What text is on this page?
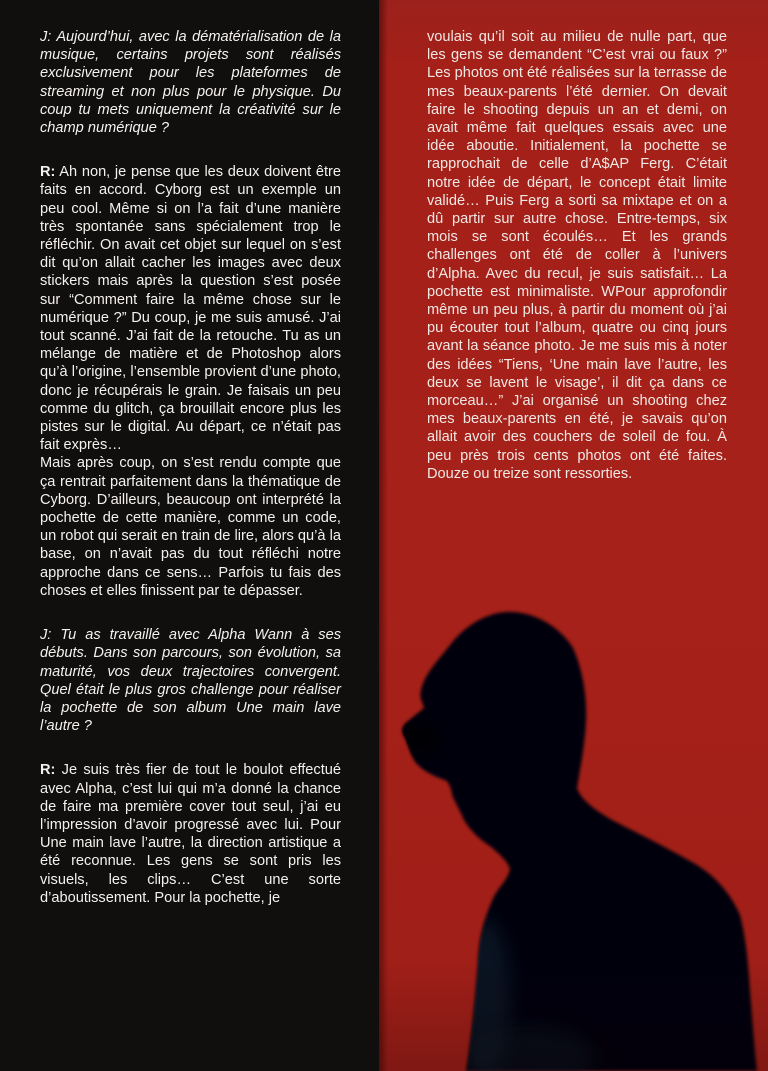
J: Aujourd’hui, avec la dématérialisation de la musique, certains projets sont réalisés exclusivement pour les plateformes de streaming et non plus pour le physique. Du coup tu mets uniquement la créativité sur le champ numérique ?

R: Ah non, je pense que les deux doivent être faits en accord. Cyborg est un exemple un peu cool. Même si on l’a fait d’une manière très spontanée sans spécialement trop le réfléchir. On avait cet objet sur lequel on s’est dit qu’on allait cacher les images avec deux stickers mais après la question s’est posée sur “Comment faire la même chose sur le numérique ?” Du coup, je me suis amusé. J’ai tout scanné. J’ai fait de la retouche. Tu as un mélange de matière et de Photoshop alors qu’à l’origine, l’ensemble provient d’une photo, donc je récupérais le grain. Je faisais un peu comme du glitch, ça brouillait encore plus les pistes sur le digital. Au départ, ce n’était pas fait exprès…

Mais après coup, on s’est rendu compte que ça rentrait parfaitement dans la thématique de Cyborg. D’ailleurs, beaucoup ont interprété la pochette de cette manière, comme un code, un robot qui serait en train de lire, alors qu’à la base, on n’avait pas du tout réfléchi notre approche dans ce sens… Parfois tu fais des choses et elles finissent par te dépasser.

J: Tu as travaillé avec Alpha Wann à ses débuts. Dans son parcours, son évolution, sa maturité, vos deux trajectoires convergent. Quel était le plus gros challenge pour réaliser la pochette de son album Une main lave l’autre ?

R: Je suis très fier de tout le boulot effectué avec Alpha, c’est lui qui m’a donné la chance de faire ma première cover tout seul, j’ai eu l’impression d’avoir progressé avec lui. Pour Une main lave l’autre, la direction artistique a été reconnue. Les gens se sont pris les visuels, les clips… C’est une sorte d’aboutissement. Pour la pochette, je

voulais qu’il soit au milieu de nulle part, que les gens se demandent “C’est vrai ou faux ?” Les photos ont été réalisées sur la terrasse de mes beaux-parents l’été dernier. On devait faire le shooting depuis un an et demi, on avait même fait quelques essais avec une idée aboutie. Initialement, la pochette se rapprochait de celle d’A$AP Ferg. C’était notre idée de départ, le concept était limite validé… Puis Ferg a sorti sa mixtape et on a dû partir sur autre chose. Entre-temps, six mois se sont écoulés… Et les grands challenges ont été de coller à l’univers d’Alpha. Avec du recul, je suis satisfait… La pochette est minimaliste. WPour approfondir même un peu plus, à partir du moment où j’ai pu écouter tout l’album, quatre ou cinq jours avant la séance photo. Je me suis mis à noter des idées “Tiens, ‘Une main lave l’autre, les deux se lavent le visage’, il dit ça dans ce morceau…” J’ai organisé un shooting chez mes beaux-parents en été, je savais qu’on allait avoir des couchers de soleil de fou. À peu près trois cents photos ont été faites. Douze ou treize sont ressorties.
